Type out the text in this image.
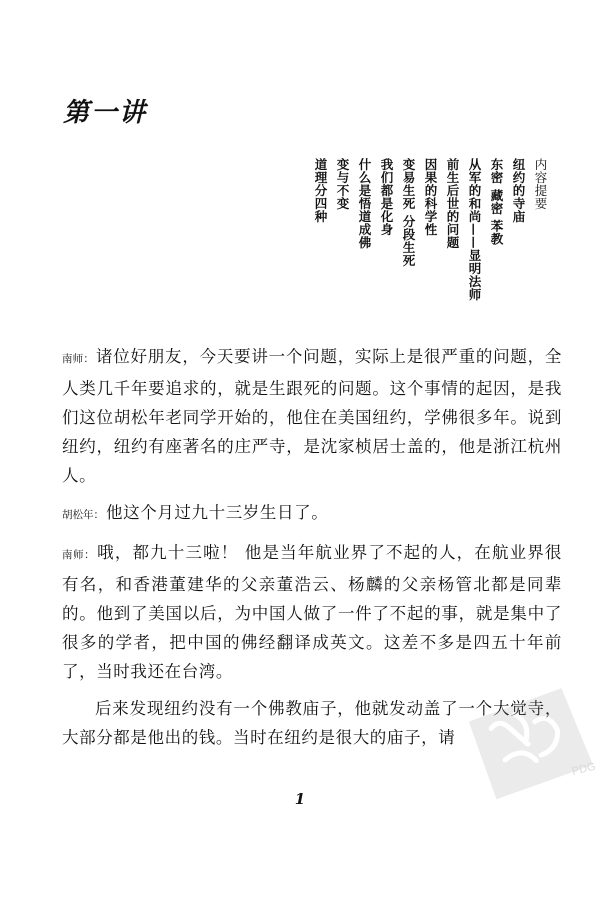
第一讲
内容提要
纽约的寺庙
东密 藏密 苯教
从军的和尚——显明法师
前生后世的问题
因果的科学性
变易生死 分段生死
我们都是化身
什么是悟道成佛
变与不变
道理分四种

南师： 诸位好朋友，今天要讲一个问题，实际上是很严重的问题，全人类几千年要追求的，就是生跟死的问题。这个事情的起因，是我们这位胡松年老同学开始的，他住在美国纽约，学佛很多年。说到纽约，纽约有座著名的庄严寺，是沈家桢居士盖的，他是浙江杭州人。

胡松年： 他这个月过九十三岁生日了。

南师： 哦，都九十三啦！ 他是当年航业界了不起的人，在航业界很有名，和香港董建华的父亲董浩云、杨麟的父亲杨管北都是同辈的。他到了美国以后，为中国人做了一件了不起的事，就是集中了很多的学者，把中国的佛经翻译成英文。这差不多是四五十年前了，当时我还在台湾。

后来发现纽约没有一个佛教庙子，他就发动盖了一个大觉寺，大部分都是他出的钱。当时在纽约是很大的庙子，请

1
PDG
